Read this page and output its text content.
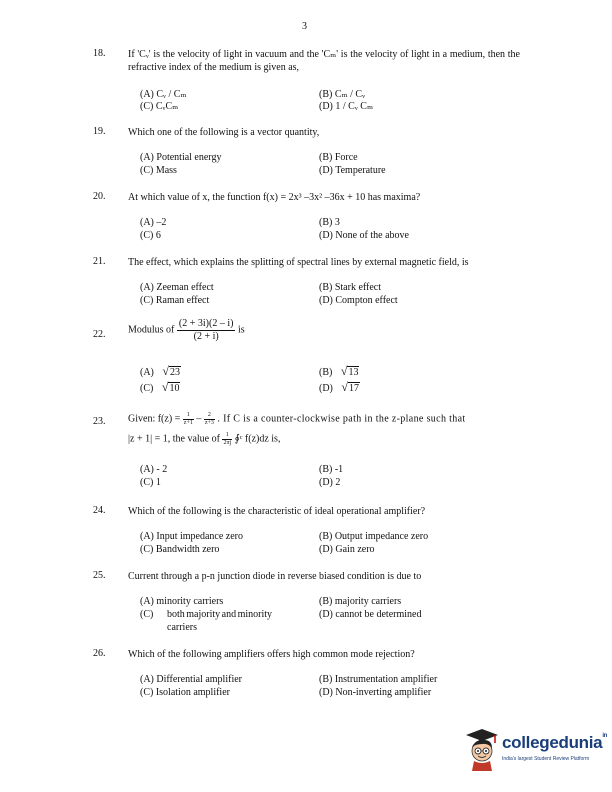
3
18. If 'Cᵥ' is the velocity of light in vacuum and the 'Cₘ' is the velocity of light in a medium, then the refractive index of the medium is given as,
(A) Cᵥ / Cₘ	(B) Cₘ / Cᵥ
(C) CᵥCₘ	(D) 1 / Cᵥ Cₘ
19. Which one of the following is a vector quantity,
(A) Potential energy	(B) Force
(C) Mass	(D) Temperature
20. At which value of x, the function f(x) = 2x³ –3x² –36x + 10 has maxima?
(A) –2	(B) 3
(C) 6	(D) None of the above
21. The effect, which explains the splitting of spectral lines by external magnetic field, is
(A) Zeeman effect	(B) Stark effect
(C) Raman effect	(D) Compton effect
22. Modulus of $\frac{(2 + 3i)(2 - i)}{(2 + i)}$ is
(A) √23	(B) √13
(C) √10	(D) √17
23. Given: $f(z) = \frac{1}{z+1} - \frac{2}{z+3}$ . If C is a counter-clockwise path in the z-plane such that
|z + 1| = 1, the value of $\frac{1}{2\pi j}$ ∮ᶜ f(z)dz is,
(A) - 2	(B) -1
(C) 1	(D) 2
24. Which of the following is the characteristic of ideal operational amplifier?
(A) Input impedance zero	(B) Output impedance zero
(C) Bandwidth zero	(D) Gain zero
25. Current through a p-n junction diode in reverse biased condition is due to
(A) minority carriers	(B) majority carriers
(C) both majority and minority
carriers
(D) cannot be determined
26. Which of the following amplifiers offers high common mode rejection?
(A) Differential amplifier	(B) Instrumentation amplifier
(C) Isolation amplifier	(D) Non-inverting amplifier
collegedunia$^{in}$
India's largest Student Review Platform
